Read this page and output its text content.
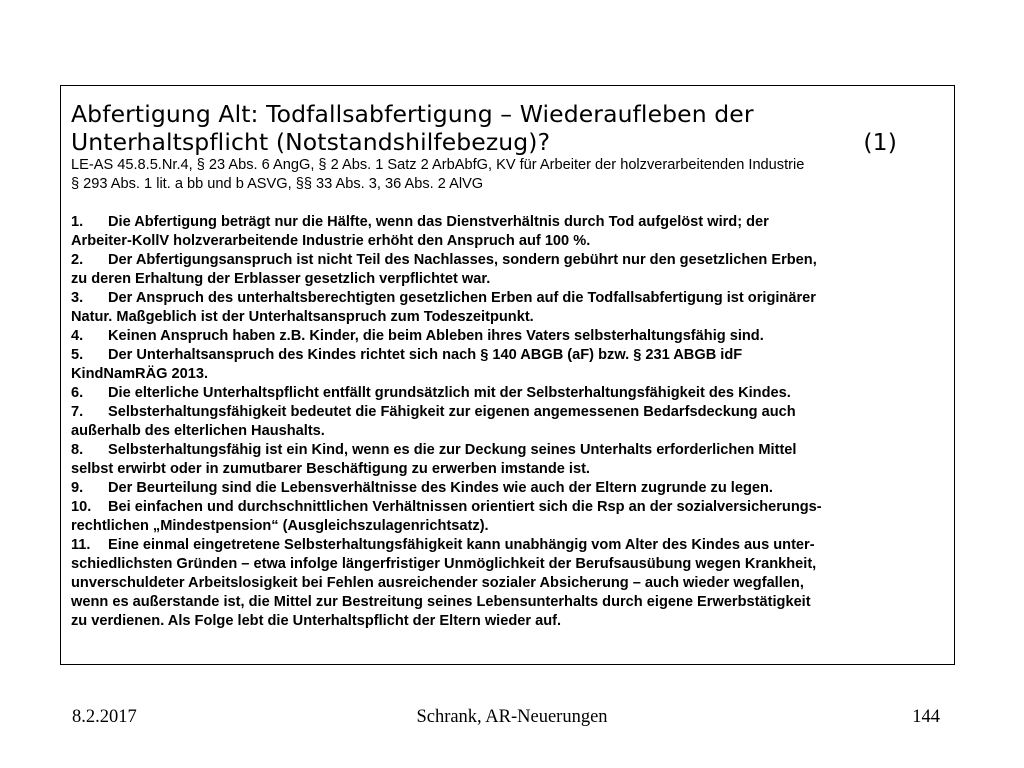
Abfertigung Alt: Todfallsabfertigung – Wiederaufleben der
Unterhaltspflicht (Notstandshilfebezug)?	(1)
LE-AS 45.8.5.Nr.4, § 23 Abs. 6 AngG, § 2 Abs. 1 Satz 2 ArbAbfG, KV für Arbeiter der holzverarbeitenden Industrie
§ 293 Abs. 1 lit. a bb und b ASVG, §§ 33 Abs. 3, 36 Abs. 2 AlVG
1. Die Abfertigung beträgt nur die Hälfte, wenn das Dienstverhältnis durch Tod aufgelöst wird; der
Arbeiter-KollV holzverarbeitende Industrie erhöht den Anspruch auf 100 %.
2. Der Abfertigungsanspruch ist nicht Teil des Nachlasses, sondern gebührt nur den gesetzlichen Erben,
zu deren Erhaltung der Erblasser gesetzlich verpflichtet war.
3. Der Anspruch des unterhaltsberechtigten gesetzlichen Erben auf die Todfallsabfertigung ist originärer
Natur. Maßgeblich ist der Unterhaltsanspruch zum Todeszeitpunkt.
4. Keinen Anspruch haben z.B. Kinder, die beim Ableben ihres Vaters selbsterhaltungsfähig sind.
5. Der Unterhaltsanspruch des Kindes richtet sich nach § 140 ABGB (aF) bzw. § 231 ABGB idF
KindNamRÄG 2013.
6. Die elterliche Unterhaltspflicht entfällt grundsätzlich mit der Selbsterhaltungsfähigkeit des Kindes.
7. Selbsterhaltungsfähigkeit bedeutet die Fähigkeit zur eigenen angemessenen Bedarfsdeckung auch
außerhalb des elterlichen Haushalts.
8. Selbsterhaltungsfähig ist ein Kind, wenn es die zur Deckung seines Unterhalts erforderlichen Mittel
selbst erwirbt oder in zumutbarer Beschäftigung zu erwerben imstande ist.
9. Der Beurteilung sind die Lebensverhältnisse des Kindes wie auch der Eltern zugrunde zu legen.
10. Bei einfachen und durchschnittlichen Verhältnissen orientiert sich die Rsp an der sozialversicherungs-
rechtlichen „Mindestpension“ (Ausgleichszulagenrichtsatz).
11. Eine einmal eingetretene Selbsterhaltungsfähigkeit kann unabhängig vom Alter des Kindes aus unter-
schiedlichsten Gründen – etwa infolge längerfristiger Unmöglichkeit der Berufsausübung wegen Krankheit,
unverschuldeter Arbeitslosigkeit bei Fehlen ausreichender sozialer Absicherung – auch wieder wegfallen,
wenn es außerstande ist, die Mittel zur Bestreitung seines Lebensunterhalts durch eigene Erwerbstätigkeit
zu verdienen. Als Folge lebt die Unterhaltspflicht der Eltern wieder auf.
8.2.2017	Schrank, AR-Neuerungen	144
